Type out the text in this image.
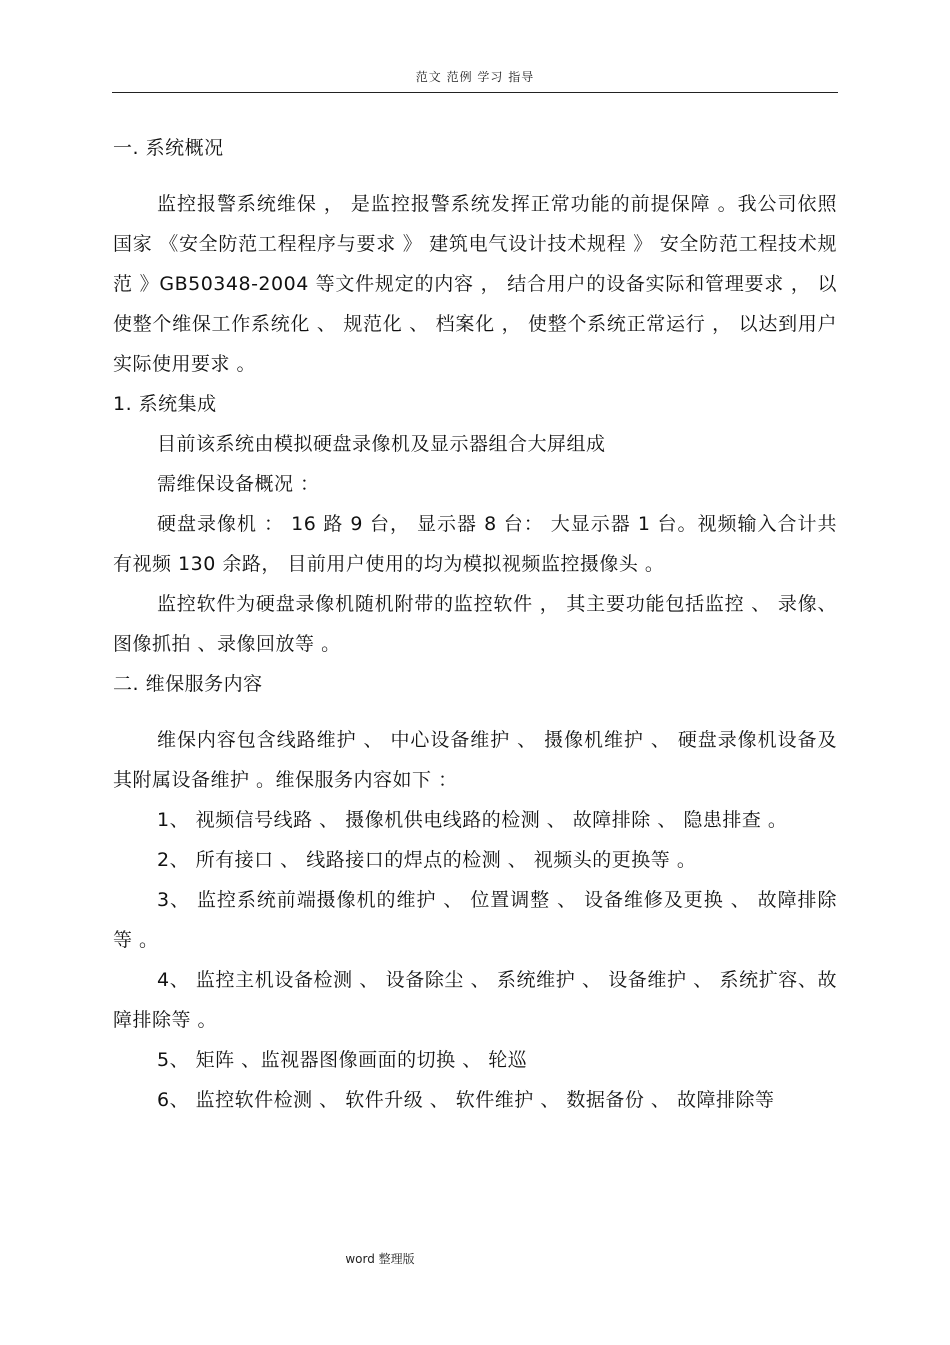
范文 范例 学习 指导

一. 系统概况

监控报警系统维保 ， 是监控报警系统发挥正常功能的前提保障 。我公司依照国家 《安全防范工程程序与要求 》 建筑电气设计技术规程 》 安全防范工程技术规范 》GB50348-2004 等文件规定的内容 ， 结合用户的设备实际和管理要求 ， 以使整个维保工作系统化 、 规范化 、 档案化 ， 使整个系统正常运行 ， 以达到用户实际使用要求 。

1. 系统集成

目前该系统由模拟硬盘录像机及显示器组合大屏组成

需维保设备概况 ：

硬盘录像机 ： 16 路 9 台， 显示器 8 台： 大显示器 1 台。视频输入合计共有视频 130 余路， 目前用户使用的均为模拟视频监控摄像头 。

监控软件为硬盘录像机随机附带的监控软件 ， 其主要功能包括监控 、 录像、图像抓拍 、录像回放等 。

二. 维保服务内容

维保内容包含线路维护 、 中心设备维护 、 摄像机维护 、 硬盘录像机设备及其附属设备维护 。维保服务内容如下 ：

1、 视频信号线路 、 摄像机供电线路的检测 、 故障排除 、 隐患排查 。

2、 所有接口 、 线路接口的焊点的检测 、 视频头的更换等 。

3、 监控系统前端摄像机的维护 、 位置调整 、 设备维修及更换 、 故障排除等 。

4、 监控主机设备检测 、 设备除尘 、 系统维护 、 设备维护 、 系统扩容、故障排除等 。

5、 矩阵 、监视器图像画面的切换 、 轮巡

6、 监控软件检测 、 软件升级 、 软件维护 、 数据备份 、 故障排除等

word 整理版
